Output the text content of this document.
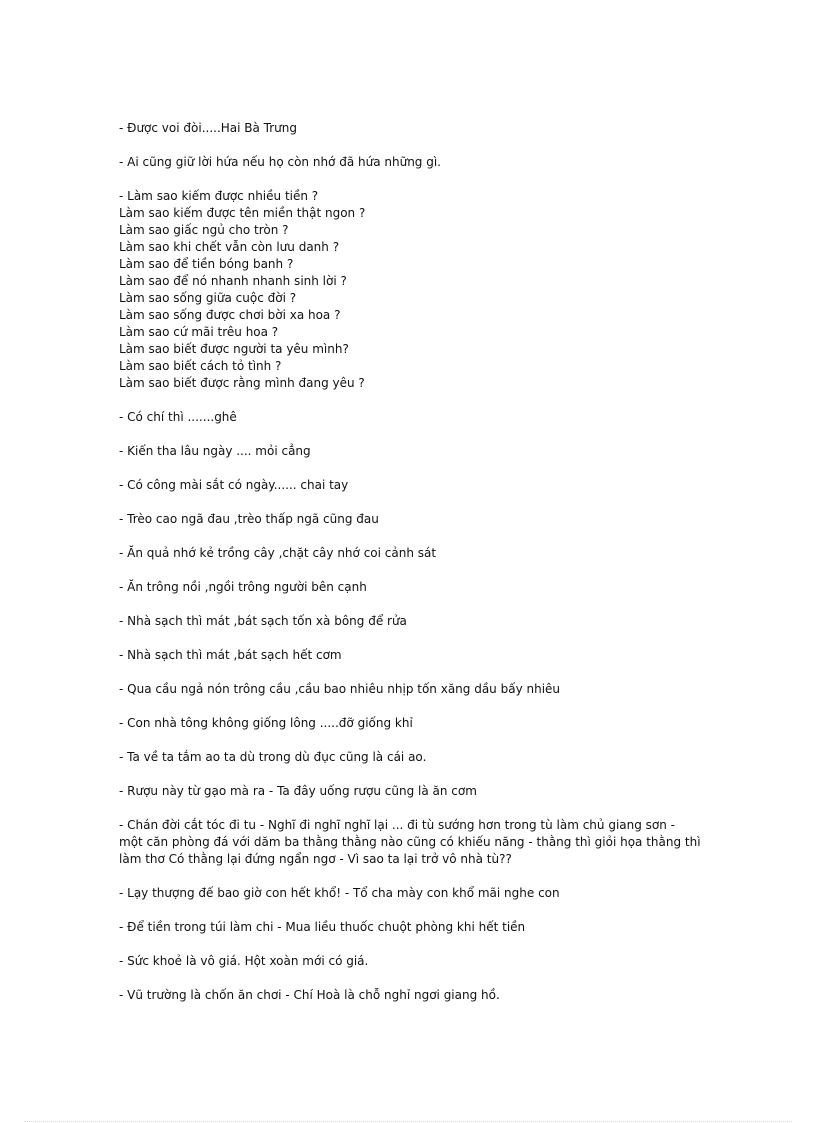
- Được voi đòi.....Hai Bà Trưng
- Ai cũng giữ lời hứa nếu họ còn nhớ đã hứa những gì.
- Làm sao kiếm được nhiều tiền ?
Làm sao kiếm được tên miền thật ngon ?
Làm sao giấc ngủ cho tròn ?
Làm sao khi chết vẫn còn lưu danh ?
Làm sao để tiền bóng banh ?
Làm sao để nó nhanh nhanh sinh lời ?
Làm sao sống giữa cuộc đời ?
Làm sao sống được chơi bời xa hoa ?
Làm sao cứ mãi trêu hoa ?
Làm sao biết được người ta yêu mình?
Làm sao biết cách tỏ tình ?
Làm sao biết được rằng mình đang yêu ?
- Có chí thì .......ghê
- Kiến tha lâu ngày .... mỏi cẳng
- Có công mài sắt có ngày...... chai tay
- Trèo cao ngã đau ,trèo thấp ngã cũng đau
- Ăn quả nhớ kẻ trồng cây ,chặt cây nhớ coi cảnh sát
- Ăn trông nồi ,ngồi trông người bên cạnh
- Nhà sạch thì mát ,bát sạch tốn xà bông để rửa
- Nhà sạch thì mát ,bát sạch hết cơm
- Qua cầu ngả nón trông cầu ,cầu bao nhiêu nhịp tốn xăng dầu bấy nhiêu
- Con nhà tông không giống lông .....đỡ giống khỉ
- Ta về ta tắm ao ta dù trong dù đục cũng là cái ao.
- Rượu này từ gạo mà ra - Ta đây uống rượu cũng là ăn cơm
- Chán đời cắt tóc đi tu - Nghĩ đi nghĩ nghĩ lại ... đi tù sướng hơn trong tù làm chủ giang sơn -
một căn phòng đá với dăm ba thằng thằng nào cũng có khiếu năng - thằng thì giỏi họa thằng thì
làm thơ Có thằng lại đứng ngẩn ngơ - Vì sao ta lại trở vô nhà tù??
- Lạy thượng đế bao giờ con hết khổ! - Tổ cha mày con khổ mãi nghe con
- Để tiền trong túi làm chi - Mua liều thuốc chuột phòng khi hết tiền
- Sức khoẻ là vô giá. Hột xoàn mới có giá.
- Vũ trường là chốn ăn chơi - Chí Hoà là chỗ nghỉ ngơi giang hồ.
